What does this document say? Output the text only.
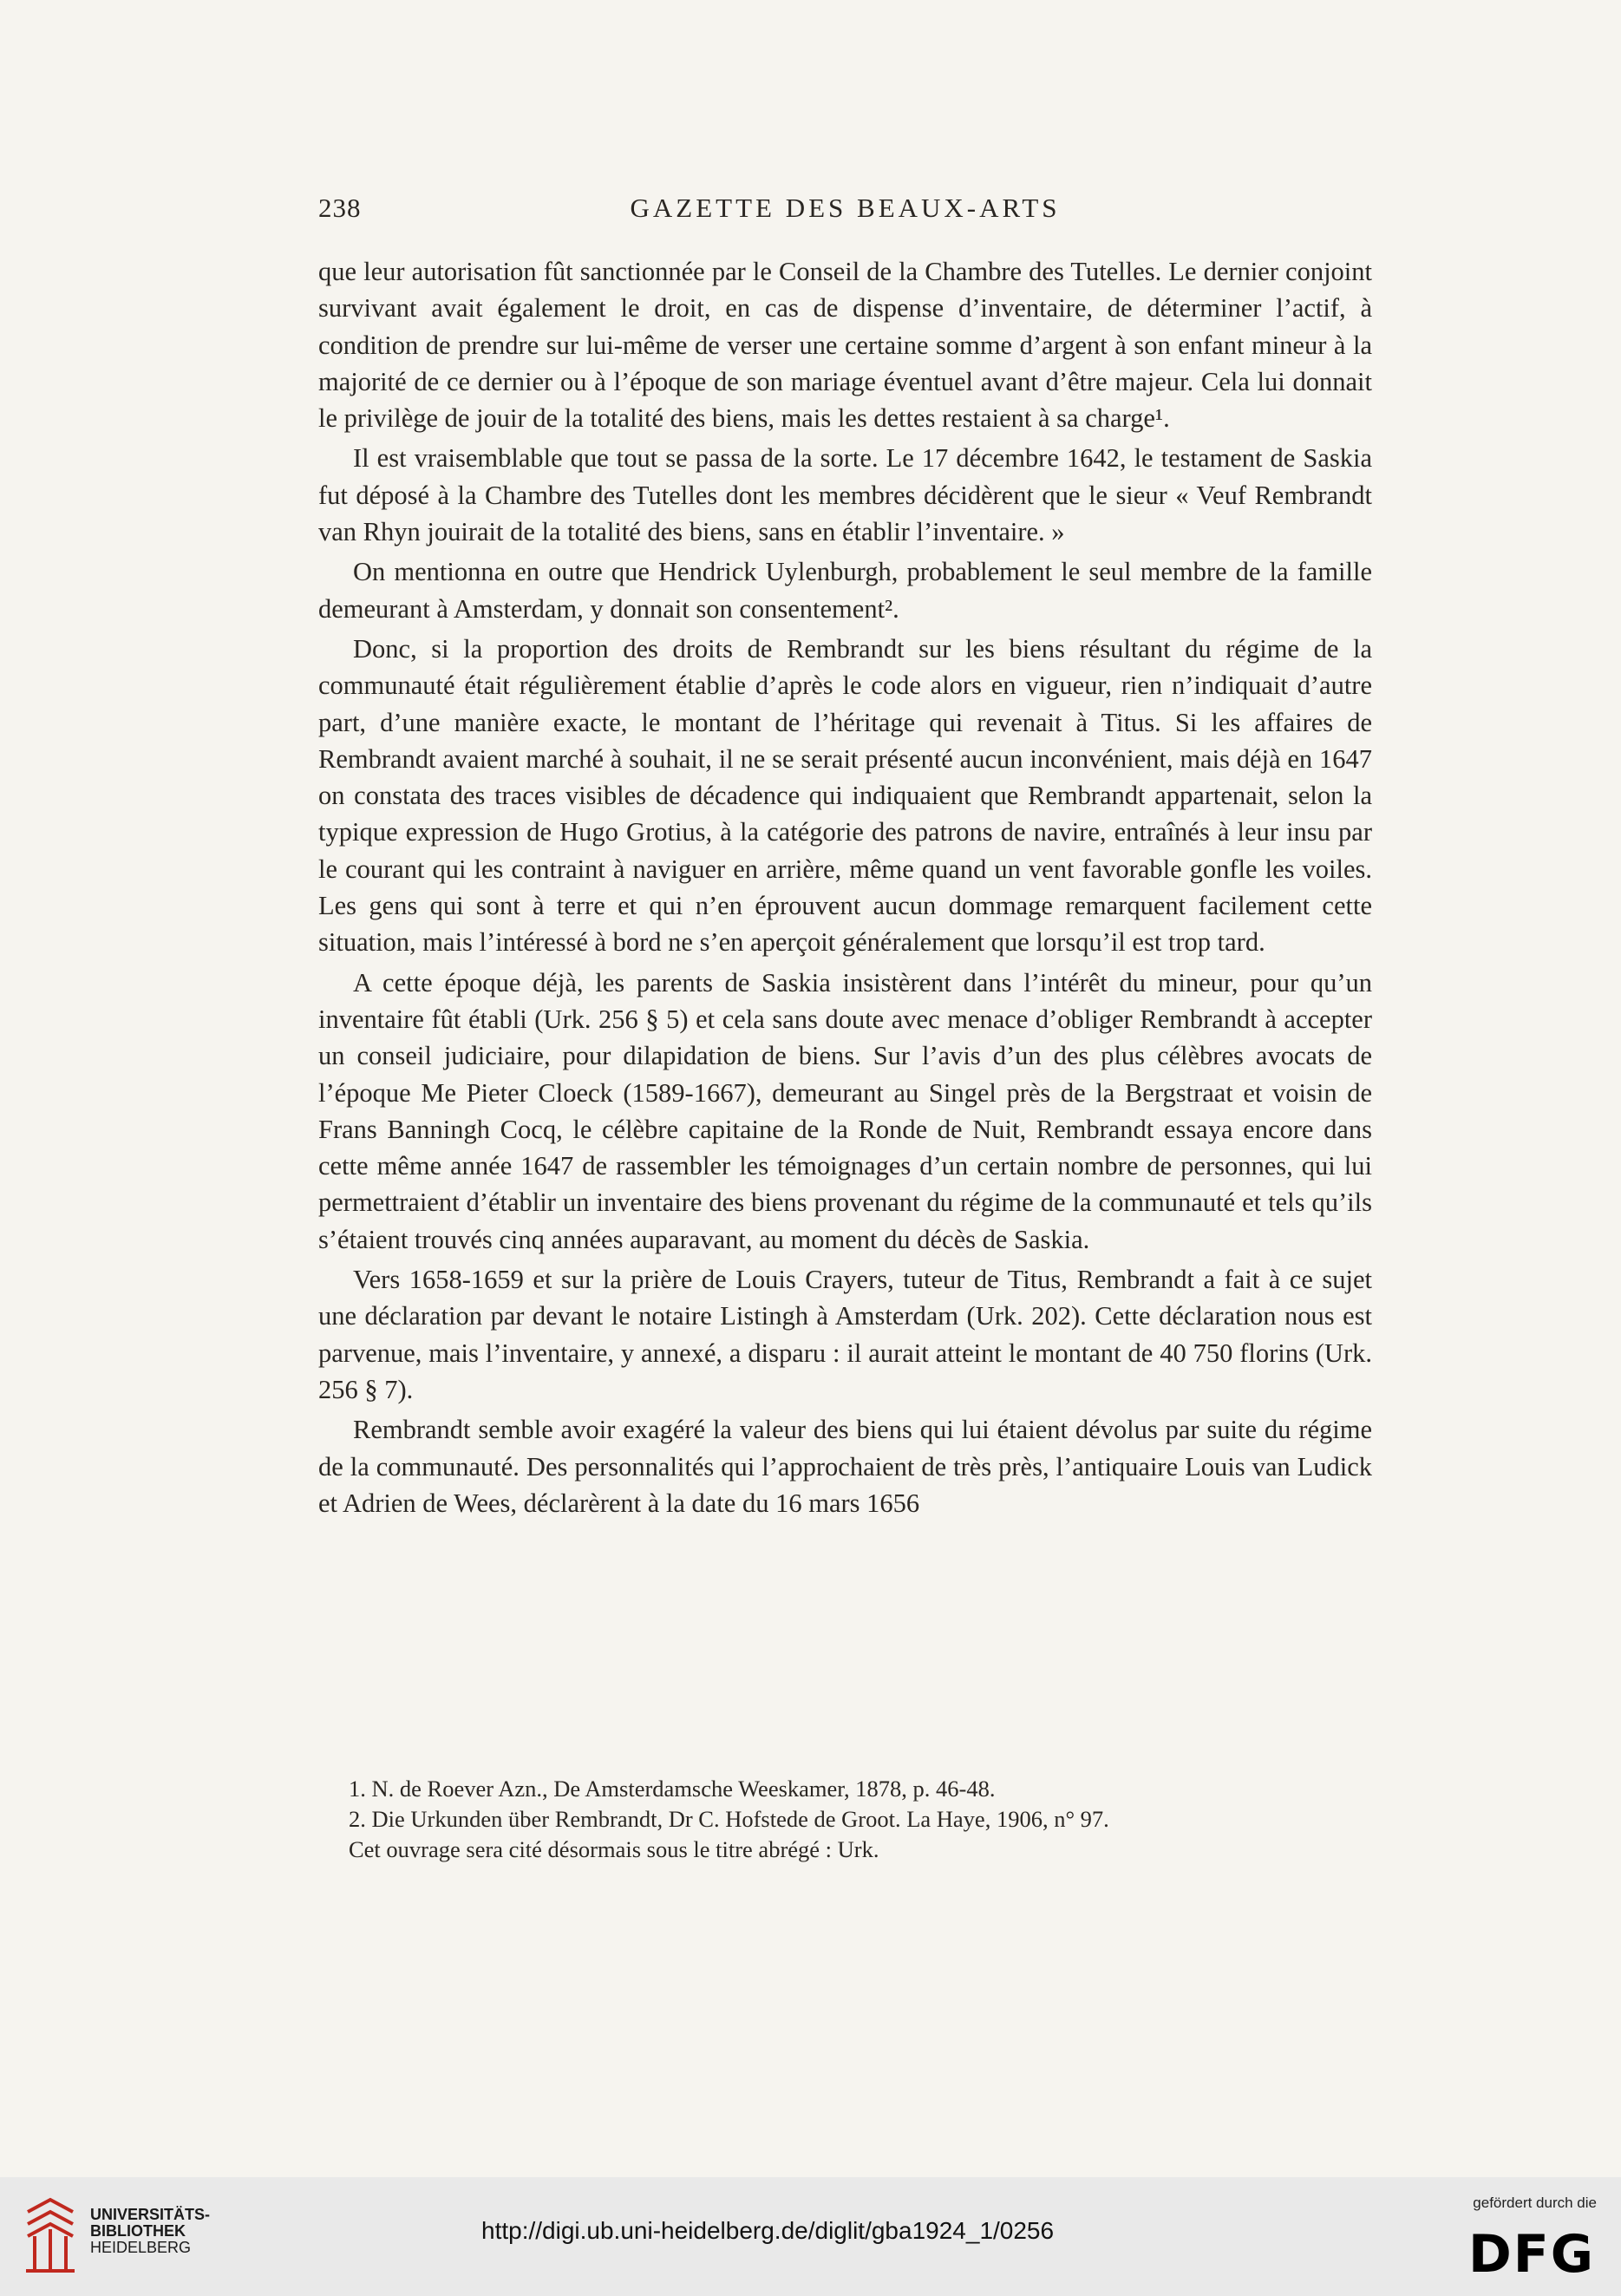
238	GAZETTE DES BEAUX-ARTS

que leur autorisation fût sanctionnée par le Conseil de la Chambre des Tutelles. Le dernier conjoint survivant avait également le droit, en cas de dispense d’inventaire, de déterminer l’actif, à condition de prendre sur lui-même de verser une certaine somme d’argent à son enfant mineur à la majorité de ce dernier ou à l’époque de son mariage éventuel avant d’être majeur. Cela lui donnait le privilège de jouir de la totalité des biens, mais les dettes restaient à sa charge¹.

Il est vraisemblable que tout se passa de la sorte. Le 17 décembre 1642, le testament de Saskia fut déposé à la Chambre des Tutelles dont les membres décidèrent que le sieur « Veuf Rembrandt van Rhyn jouirait de la totalité des biens, sans en établir l’inventaire. »

On mentionna en outre que Hendrick Uylenburgh, probablement le seul membre de la famille demeurant à Amsterdam, y donnait son consentement².

Donc, si la proportion des droits de Rembrandt sur les biens résultant du régime de la communauté était régulièrement établie d’après le code alors en vigueur, rien n’indiquait d’autre part, d’une manière exacte, le montant de l’héritage qui revenait à Titus. Si les affaires de Rembrandt avaient marché à souhait, il ne se serait présenté aucun inconvénient, mais déjà en 1647 on constata des traces visibles de décadence qui indiquaient que Rembrandt appartenait, selon la typique expression de Hugo Grotius, à la catégorie des patrons de navire, entraînés à leur insu par le courant qui les contraint à naviguer en arrière, même quand un vent favorable gonfle les voiles. Les gens qui sont à terre et qui n’en éprouvent aucun dommage remarquent facilement cette situation, mais l’intéressé à bord ne s’en aperçoit généralement que lorsqu’il est trop tard.

A cette époque déjà, les parents de Saskia insistèrent dans l’intérêt du mineur, pour qu’un inventaire fût établi (Urk. 256 § 5) et cela sans doute avec menace d’obliger Rembrandt à accepter un conseil judiciaire, pour dilapidation de biens. Sur l’avis d’un des plus célèbres avocats de l’époque Me Pieter Cloeck (1589-1667), demeurant au Singel près de la Bergstraat et voisin de Frans Banningh Cocq, le célèbre capitaine de la Ronde de Nuit, Rembrandt essaya encore dans cette même année 1647 de rassembler les témoignages d’un certain nombre de personnes, qui lui permettraient d’établir un inventaire des biens provenant du régime de la communauté et tels qu’ils s’étaient trouvés cinq années auparavant, au moment du décès de Saskia.

Vers 1658-1659 et sur la prière de Louis Crayers, tuteur de Titus, Rembrandt a fait à ce sujet une déclaration par devant le notaire Listingh à Amsterdam (Urk. 202). Cette déclaration nous est parvenue, mais l’inventaire, y annexé, a disparu : il aurait atteint le montant de 40 750 florins (Urk. 256 § 7).

Rembrandt semble avoir exagéré la valeur des biens qui lui étaient dévolus par suite du régime de la communauté. Des personnalités qui l’approchaient de très près, l’antiquaire Louis van Ludick et Adrien de Wees, déclarèrent à la date du 16 mars 1656

1. N. de Roever Azn., De Amsterdamsche Weeskamer, 1878, p. 46-48.

2. Die Urkunden über Rembrandt, Dr C. Hofstede de Groot. La Haye, 1906, n° 97.

Cet ouvrage sera cité désormais sous le titre abrégé : Urk.

UNIVERSITÄTS-
BIBLIOTHEK
HEIDELBERG
http://digi.ub.uni-heidelberg.de/diglit/gba1924_1/0256
gefördert durch die
DFG
